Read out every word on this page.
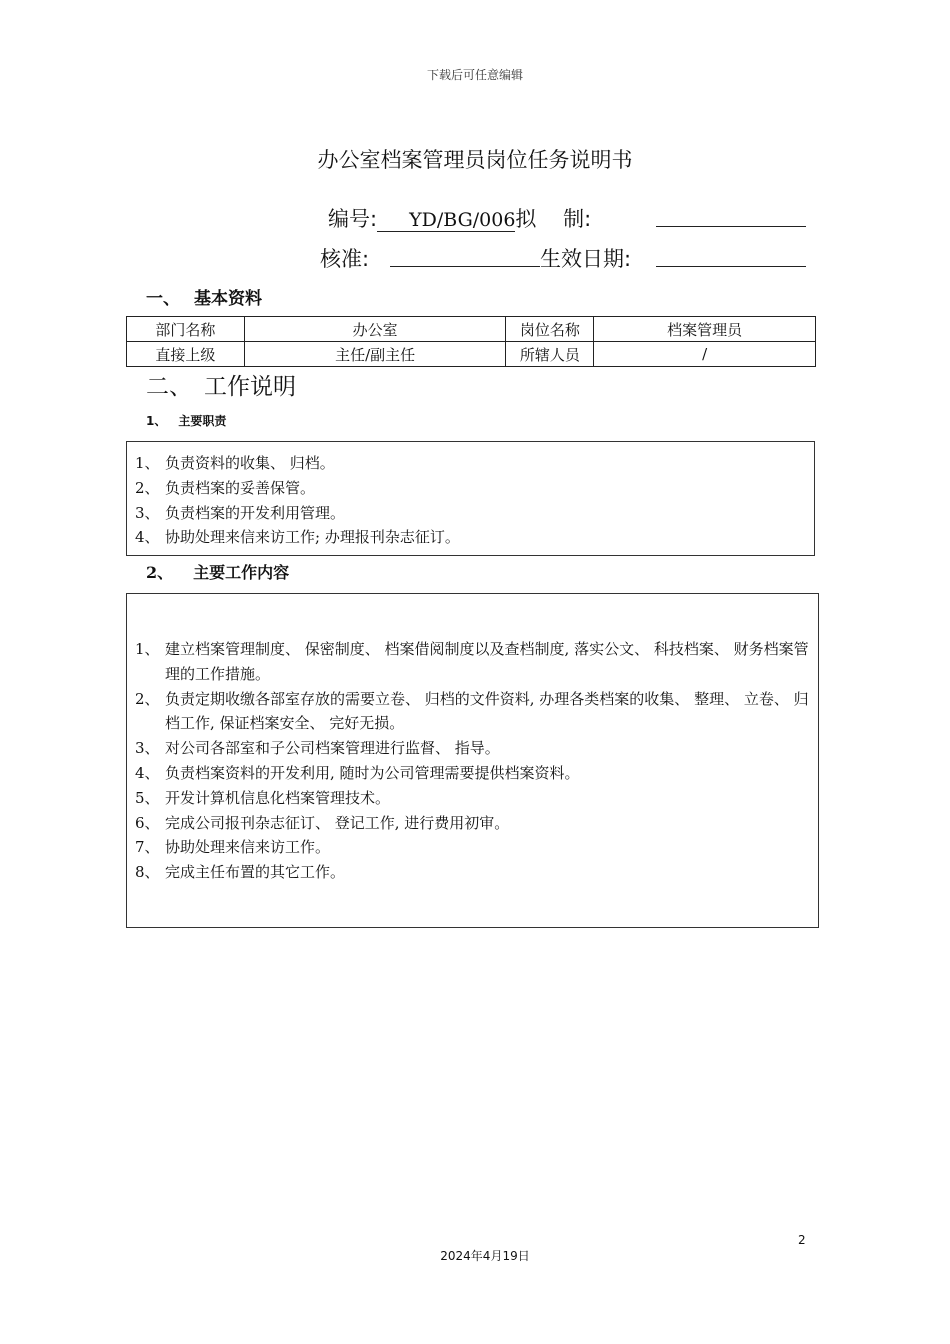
下载后可任意编辑
办公室档案管理员岗位任务说明书
编号: YD/BG/006拟    制:
核准:	生效日期:
一、 基本资料
部门名称	办公室	岗位名称	档案管理员
直接上级	主任/副主任	所辖人员	/
二、 工作说明
1、 主要职责
1、 负责资料的收集、 归档。
2、 负责档案的妥善保管。
3、 负责档案的开发利用管理。
4、 协助处理来信来访工作; 办理报刊杂志征订。
2、 主要工作内容
1、 建立档案管理制度、 保密制度、 档案借阅制度以及查档制度, 落实公文、 科技档案、 财务档案管理的工作措施。
2、 负责定期收缴各部室存放的需要立卷、 归档的文件资料, 办理各类档案的收集、 整理、 立卷、 归档工作, 保证档案安全、 完好无损。
3、 对公司各部室和子公司档案管理进行监督、 指导。
4、 负责档案资料的开发利用, 随时为公司管理需要提供档案资料。
5、 开发计算机信息化档案管理技术。
6、 完成公司报刊杂志征订、 登记工作, 进行费用初审。
7、 协助处理来信来访工作。
8、 完成主任布置的其它工作。
2
2024年4月19日
